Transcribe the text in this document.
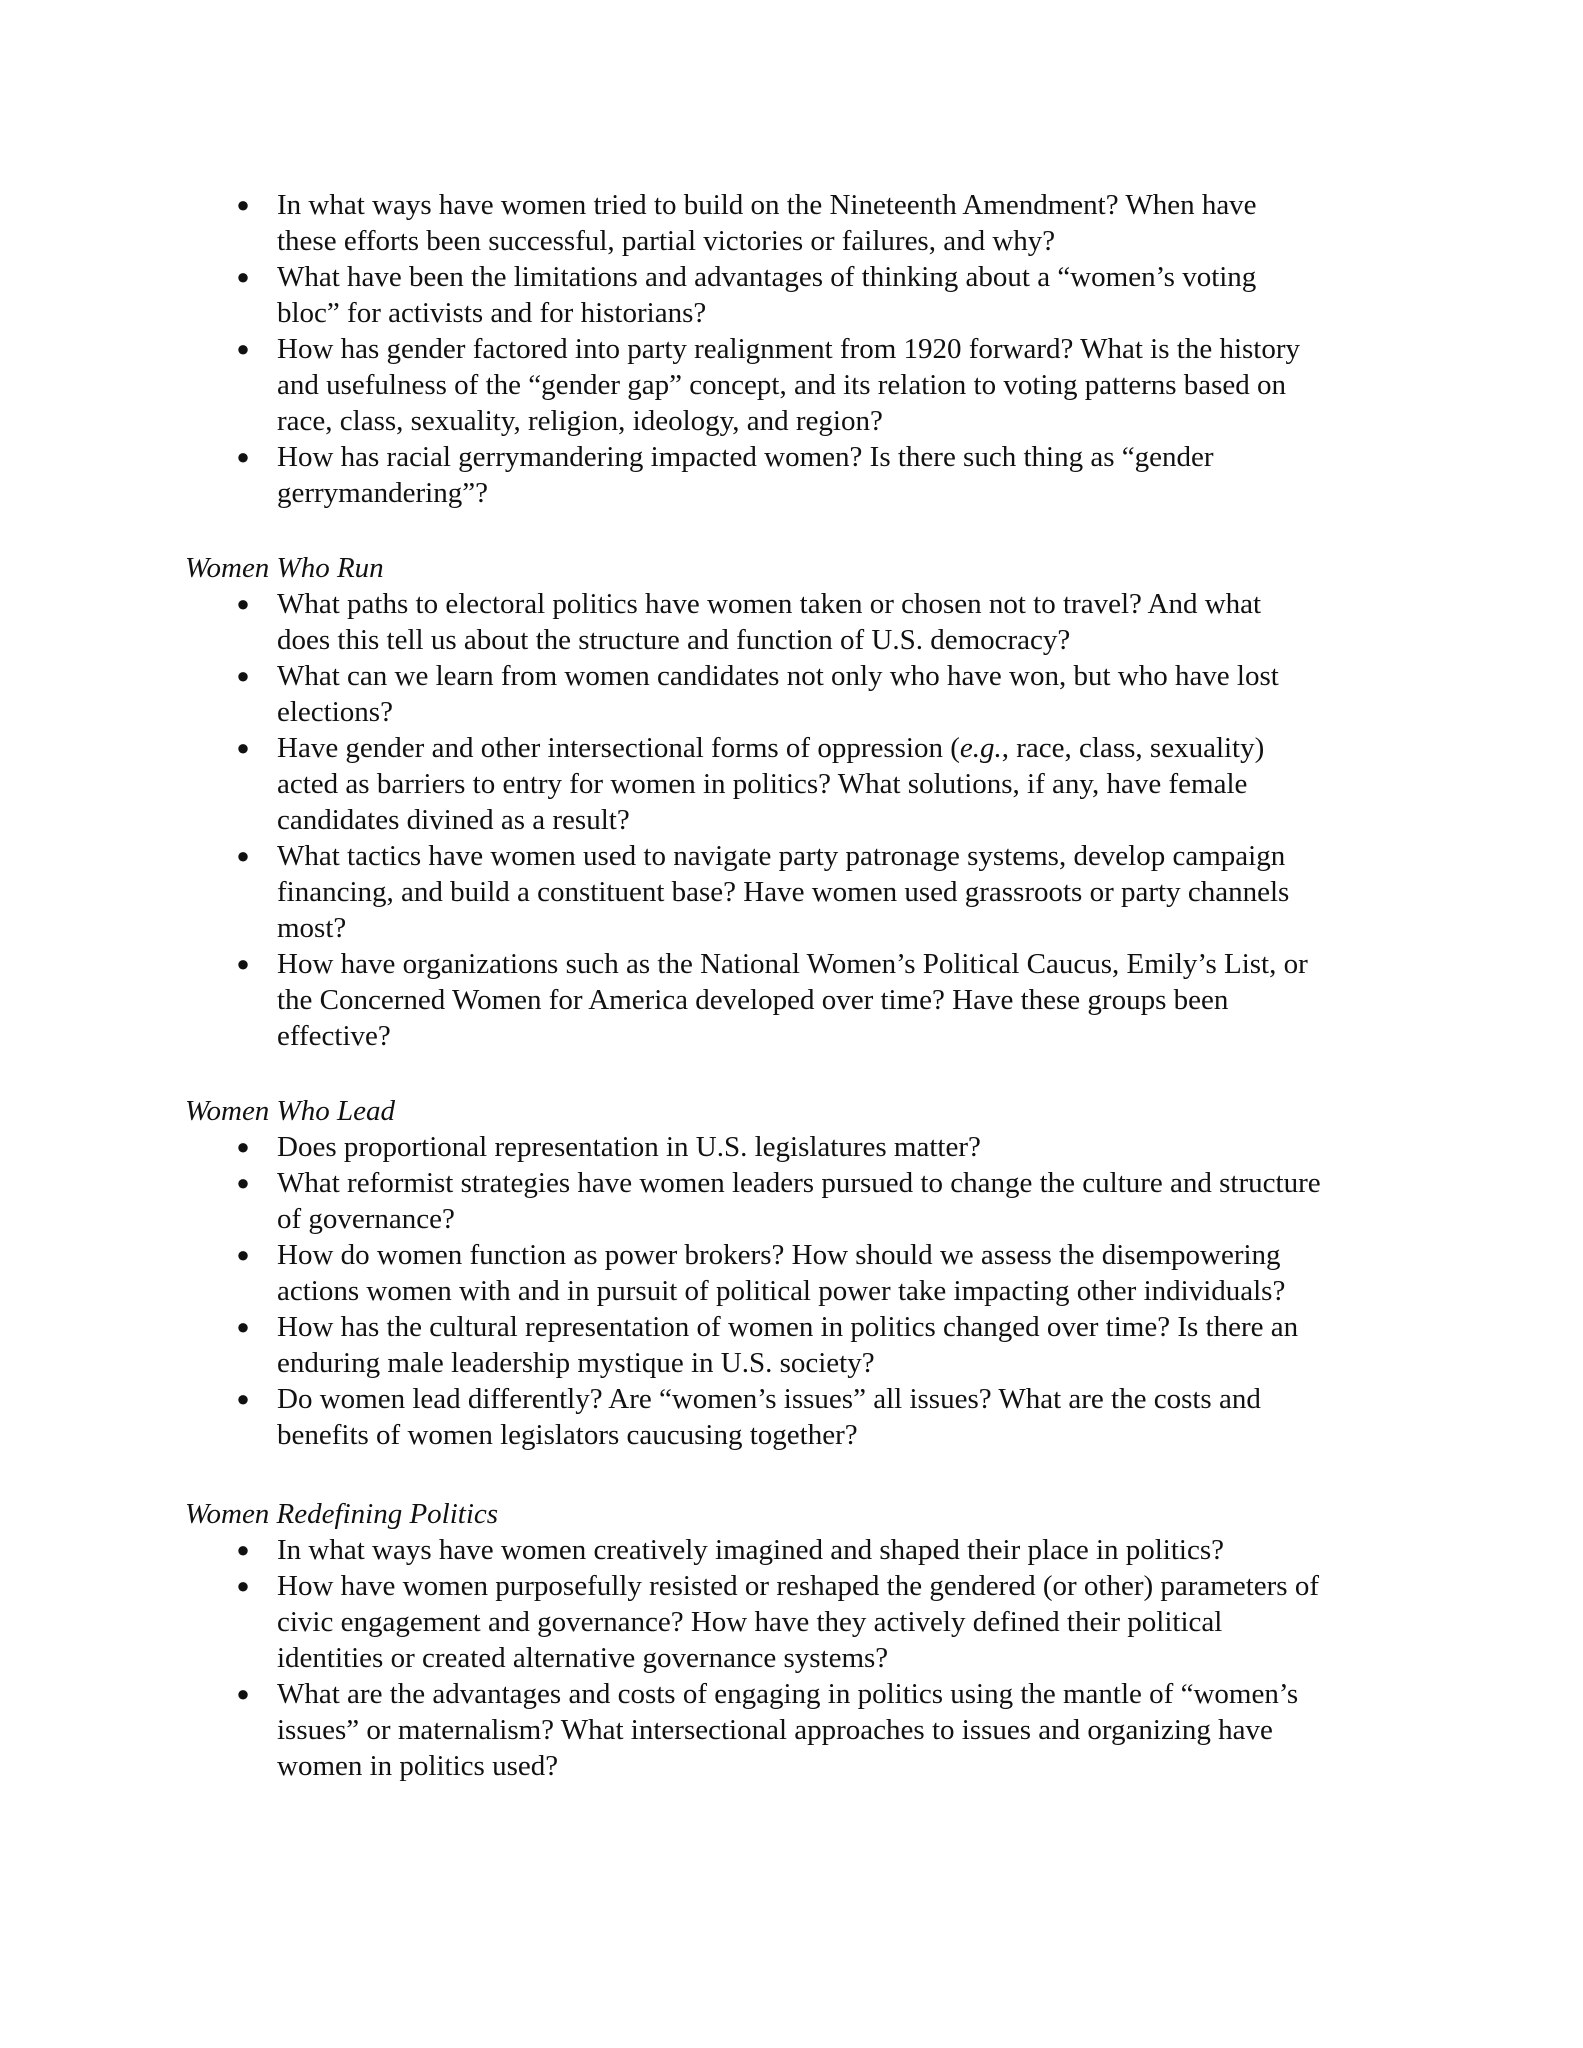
● In what ways have women tried to build on the Nineteenth Amendment? When have
these efforts been successful, partial victories or failures, and why?
● What have been the limitations and advantages of thinking about a “women’s voting
bloc” for activists and for historians?
● How has gender factored into party realignment from 1920 forward? What is the history
and usefulness of the “gender gap” concept, and its relation to voting patterns based on
race, class, sexuality, religion, ideology, and region?
● How has racial gerrymandering impacted women? Is there such thing as “gender
gerrymandering”?

Women Who Run

● What paths to electoral politics have women taken or chosen not to travel? And what
does this tell us about the structure and function of U.S. democracy?
● What can we learn from women candidates not only who have won, but who have lost
elections?
● Have gender and other intersectional forms of oppression (e.g., race, class, sexuality)
acted as barriers to entry for women in politics? What solutions, if any, have female
candidates divined as a result?
● What tactics have women used to navigate party patronage systems, develop campaign
financing, and build a constituent base? Have women used grassroots or party channels
most?
● How have organizations such as the National Women’s Political Caucus, Emily’s List, or
the Concerned Women for America developed over time? Have these groups been
effective?

Women Who Lead

● Does proportional representation in U.S. legislatures matter?
● What reformist strategies have women leaders pursued to change the culture and structure
of governance?
● How do women function as power brokers? How should we assess the disempowering
actions women with and in pursuit of political power take impacting other individuals?
● How has the cultural representation of women in politics changed over time? Is there an
enduring male leadership mystique in U.S. society?
● Do women lead differently? Are “women’s issues” all issues? What are the costs and
benefits of women legislators caucusing together?

Women Redefining Politics

● In what ways have women creatively imagined and shaped their place in politics?
● How have women purposefully resisted or reshaped the gendered (or other) parameters of
civic engagement and governance? How have they actively defined their political
identities or created alternative governance systems?
● What are the advantages and costs of engaging in politics using the mantle of “women’s
issues” or maternalism? What intersectional approaches to issues and organizing have
women in politics used?
